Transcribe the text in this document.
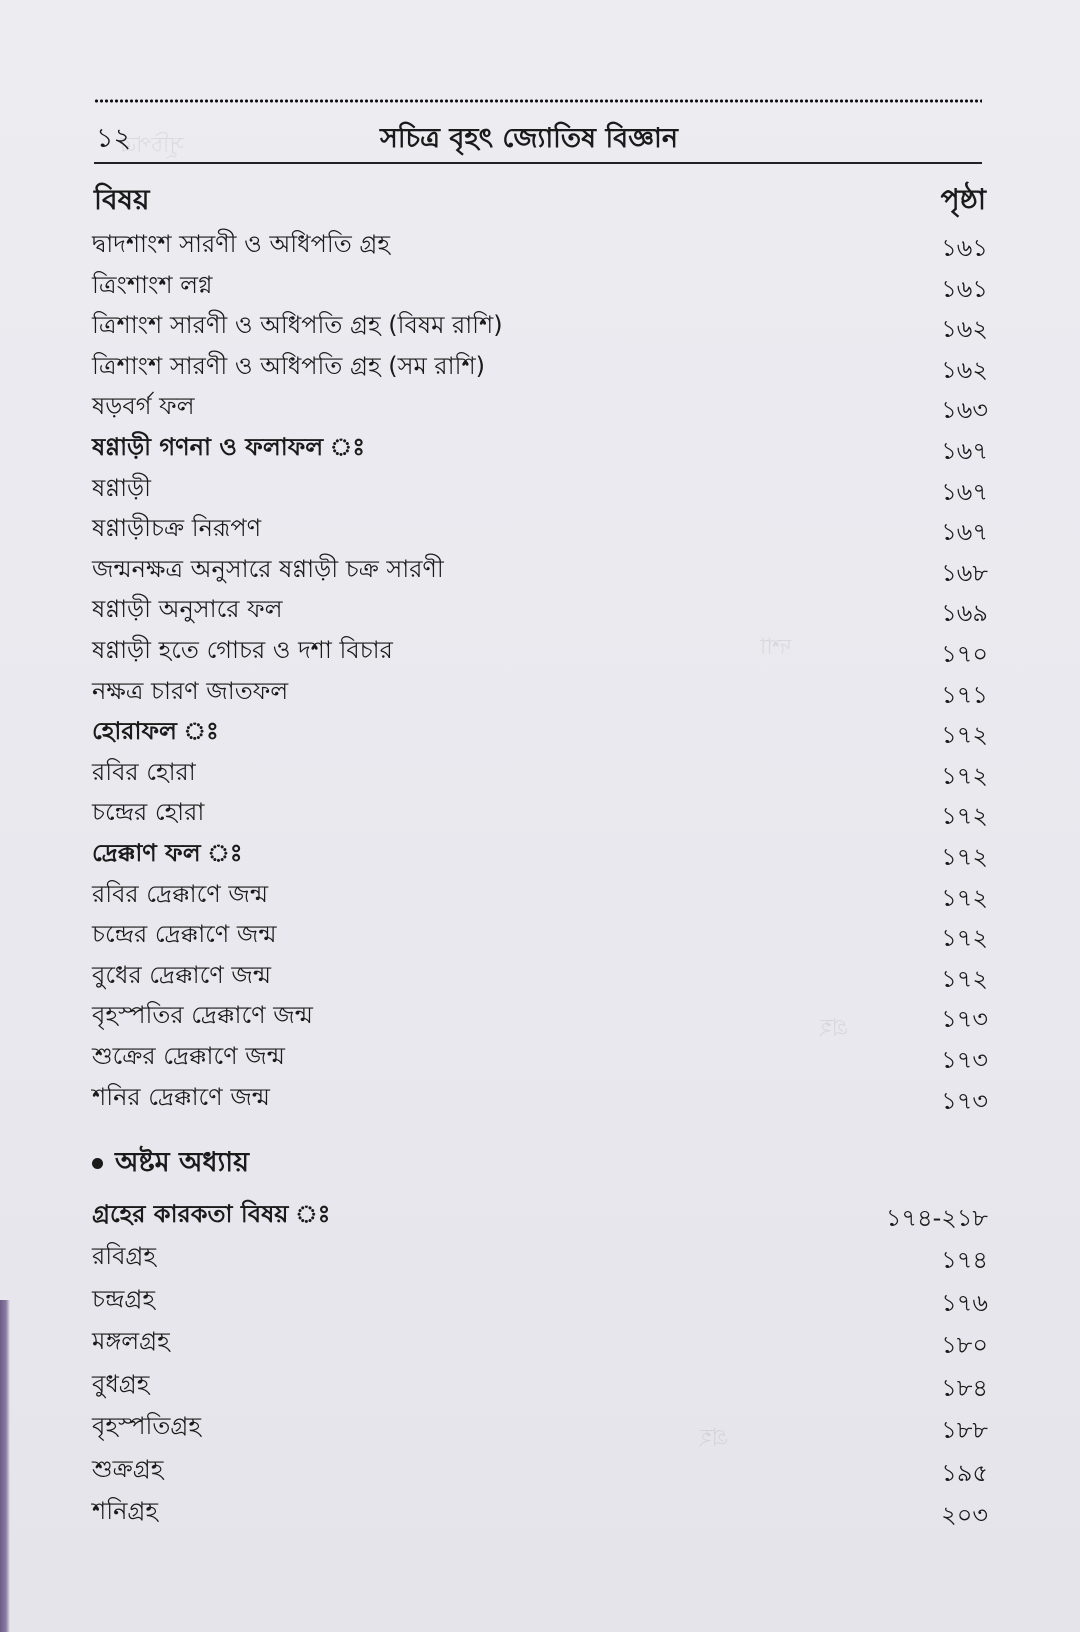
সূচিপত্র
দশা
গ্রহ
গ্রহ
১২	সচিত্র বৃহৎ জ্যোতিষ বিজ্ঞান
বিষয়	পৃষ্ঠা
অষ্টম অধ্যায়
দ্বাদশাংশ সারণী ও অধিপতি গ্রহ	১৬১
ত্রিংশাংশ লগ্ন	১৬১
ত্রিশাংশ সারণী ও অধিপতি গ্রহ (বিষম রাশি)	১৬২
ত্রিশাংশ সারণী ও অধিপতি গ্রহ (সম রাশি)	১৬২
ষড়বর্গ ফল	১৬৩
ষণ্ণাড়ী গণনা ও ফলাফল ঃ	১৬৭
ষণ্ণাড়ী	১৬৭
ষণ্ণাড়ীচক্র নিরূপণ	১৬৭
জন্মনক্ষত্র অনুসারে ষণ্ণাড়ী চক্র সারণী	১৬৮
ষণ্ণাড়ী অনুসারে ফল	১৬৯
ষণ্ণাড়ী হতে গোচর ও দশা বিচার	১৭০
নক্ষত্র চারণ জাতফল	১৭১
হোরাফল ঃ	১৭২
রবির হোরা	১৭২
চন্দ্রের হোরা	১৭২
দ্রেক্কাণ ফল ঃ	১৭২
রবির দ্রেক্কাণে জন্ম	১৭২
চন্দ্রের দ্রেক্কাণে জন্ম	১৭২
বুধের দ্রেক্কাণে জন্ম	১৭২
বৃহস্পতির দ্রেক্কাণে জন্ম	১৭৩
শুক্রের দ্রেক্কাণে জন্ম	১৭৩
শনির দ্রেক্কাণে জন্ম	১৭৩
গ্রহের কারকতা বিষয় ঃ	১৭৪-২১৮
রবিগ্রহ	১৭৪
চন্দ্রগ্রহ	১৭৬
মঙ্গলগ্রহ	১৮০
বুধগ্রহ	১৮৪
বৃহস্পতিগ্রহ	১৮৮
শুক্রগ্রহ	১৯৫
শনিগ্রহ	২০৩
